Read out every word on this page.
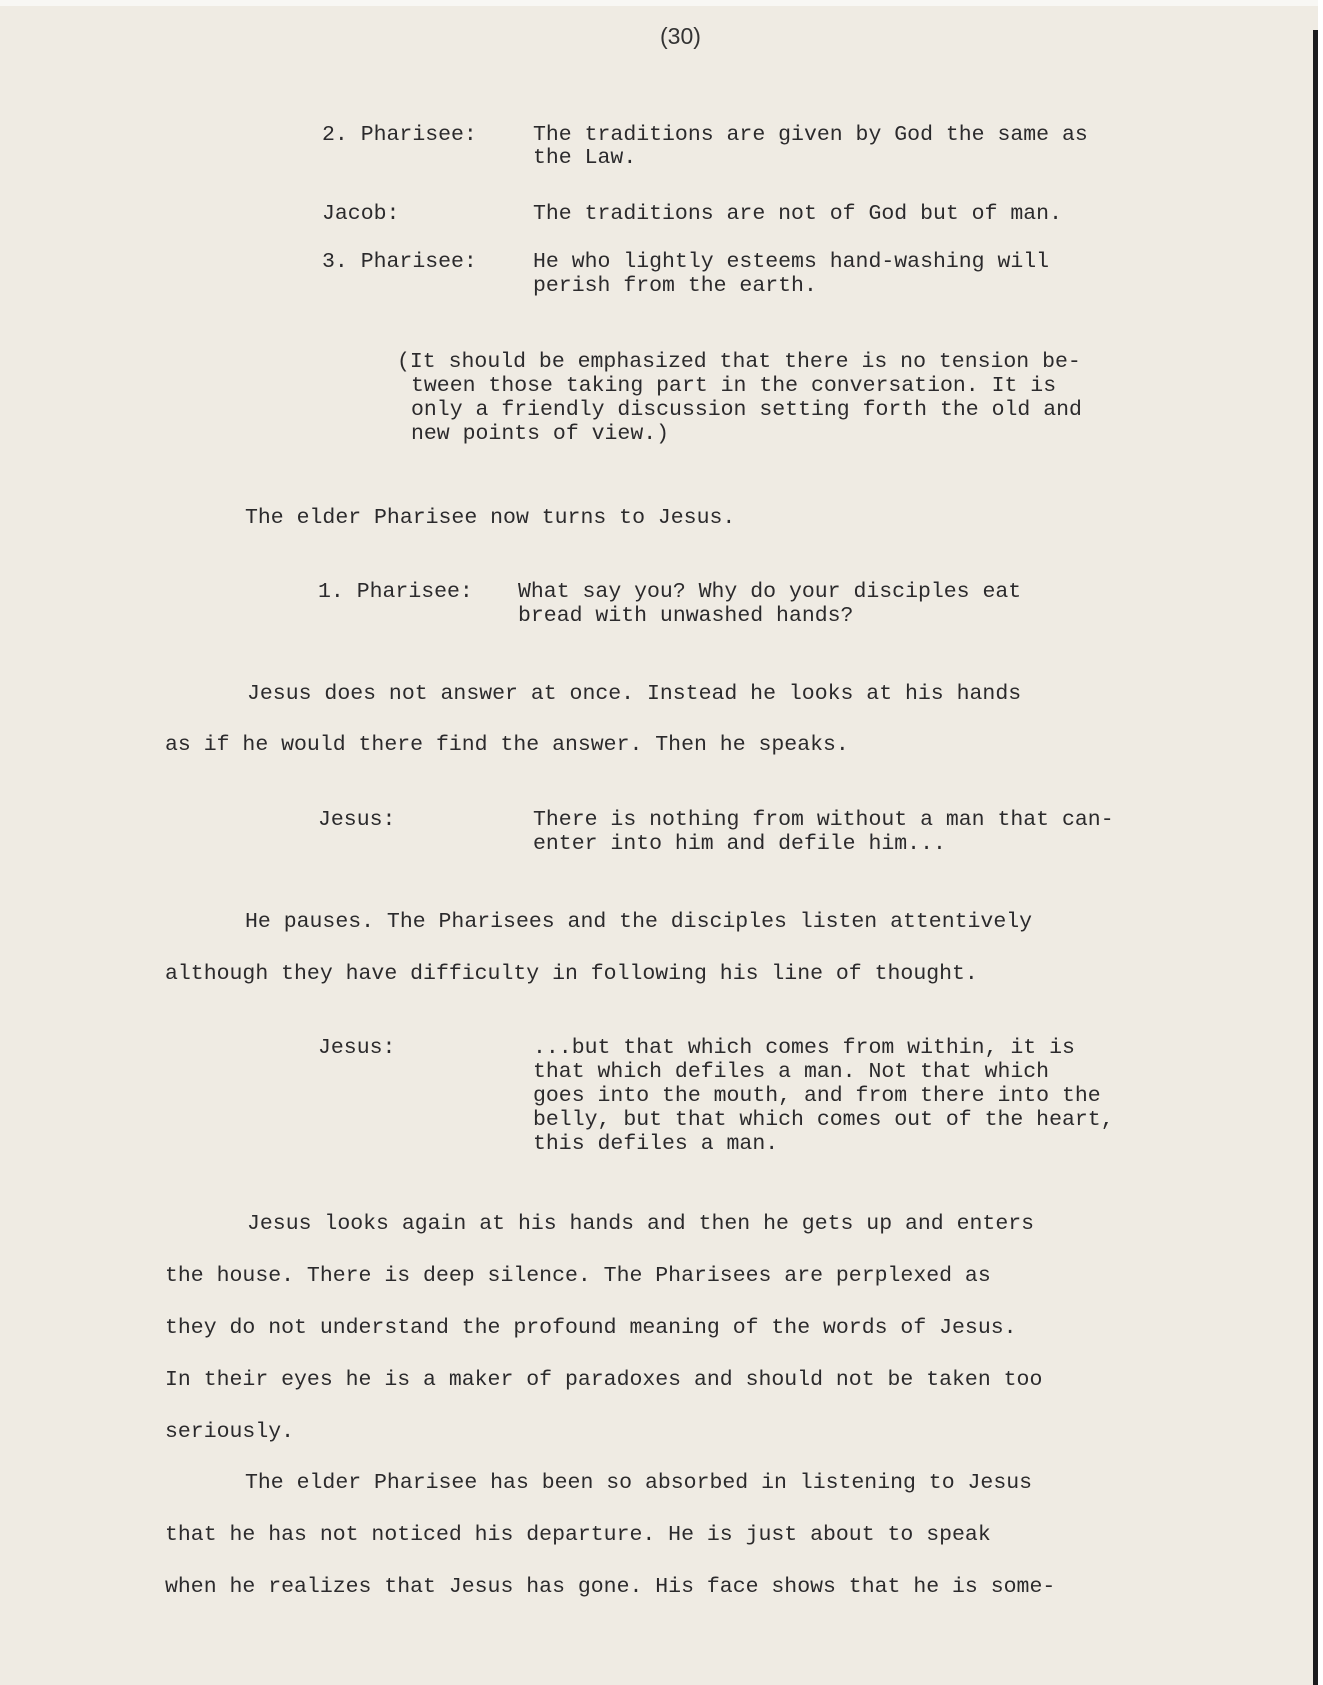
(30)
2. Pharisee:	The traditions are given by God the same as
the Law.
Jacob:	The traditions are not of God but of man.
3. Pharisee:	He who lightly esteems hand-washing will
perish from the earth.
(It should be emphasized that there is no tension be-
tween those taking part in the conversation. It is
only a friendly discussion setting forth the old and
new points of view.)
The elder Pharisee now turns to Jesus.
1. Pharisee: What say you? Why do your disciples eat
bread with unwashed hands?
Jesus does not answer at once. Instead he looks at his hands
as if he would there find the answer. Then he speaks.
Jesus:	There is nothing from without a man that can-
enter into him and defile him...
He pauses. The Pharisees and the disciples listen attentively
although they have difficulty in following his line of thought.
Jesus:	...but that which comes from within, it is
that which defiles a man. Not that which
goes into the mouth, and from there into the
belly, but that which comes out of the heart,
this defiles a man.
Jesus looks again at his hands and then he gets up and enters
the house. There is deep silence. The Pharisees are perplexed as
they do not understand the profound meaning of the words of Jesus.
In their eyes he is a maker of paradoxes and should not be taken too
seriously.
The elder Pharisee has been so absorbed in listening to Jesus
that he has not noticed his departure. He is just about to speak
when he realizes that Jesus has gone. His face shows that he is some-
